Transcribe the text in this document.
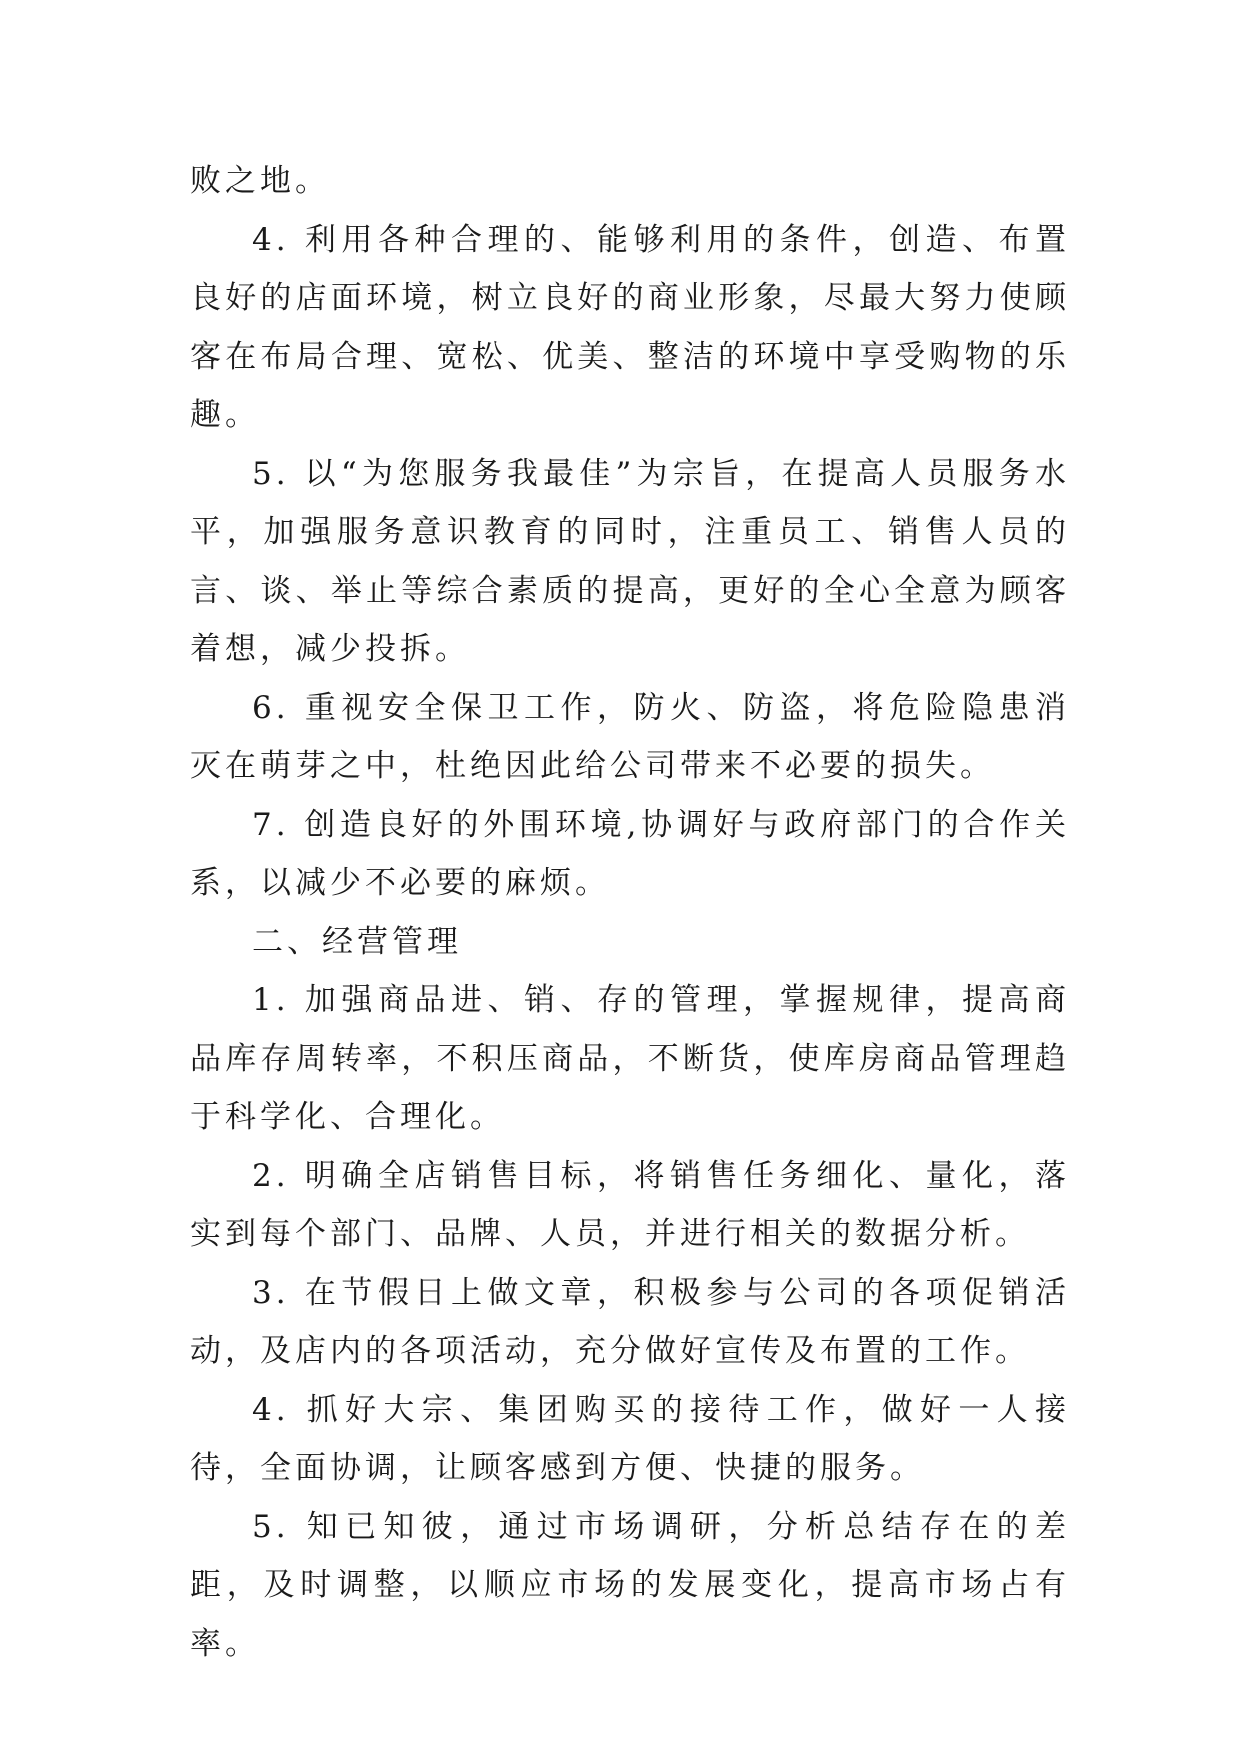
败之地。

4. 利用各种合理的、能够利用的条件，创造、布置良好的店面环境，树立良好的商业形象，尽最大努力使顾客在布局合理、宽松、优美、整洁的环境中享受购物的乐趣。

5. 以“为您服务我最佳”为宗旨，在提高人员服务水平，加强服务意识教育的同时，注重员工、销售人员的言、谈、举止等综合素质的提高，更好的全心全意为顾客着想，减少投拆。

6. 重视安全保卫工作，防火、防盗，将危险隐患消灭在萌芽之中，杜绝因此给公司带来不必要的损失。

7. 创造良好的外围环境,协调好与政府部门的合作关系，以减少不必要的麻烦。

二、经营管理

1. 加强商品进、销、存的管理，掌握规律，提高商品库存周转率，不积压商品，不断货，使库房商品管理趋于科学化、合理化。

2. 明确全店销售目标，将销售任务细化、量化，落实到每个部门、品牌、人员，并进行相关的数据分析。

3. 在节假日上做文章，积极参与公司的各项促销活动，及店内的各项活动，充分做好宣传及布置的工作。

4. 抓好大宗、集团购买的接待工作，做好一人接待，全面协调，让顾客感到方便、快捷的服务。

5. 知已知彼，通过市场调研，分析总结存在的差距，及时调整，以顺应市场的发展变化，提高市场占有率。
